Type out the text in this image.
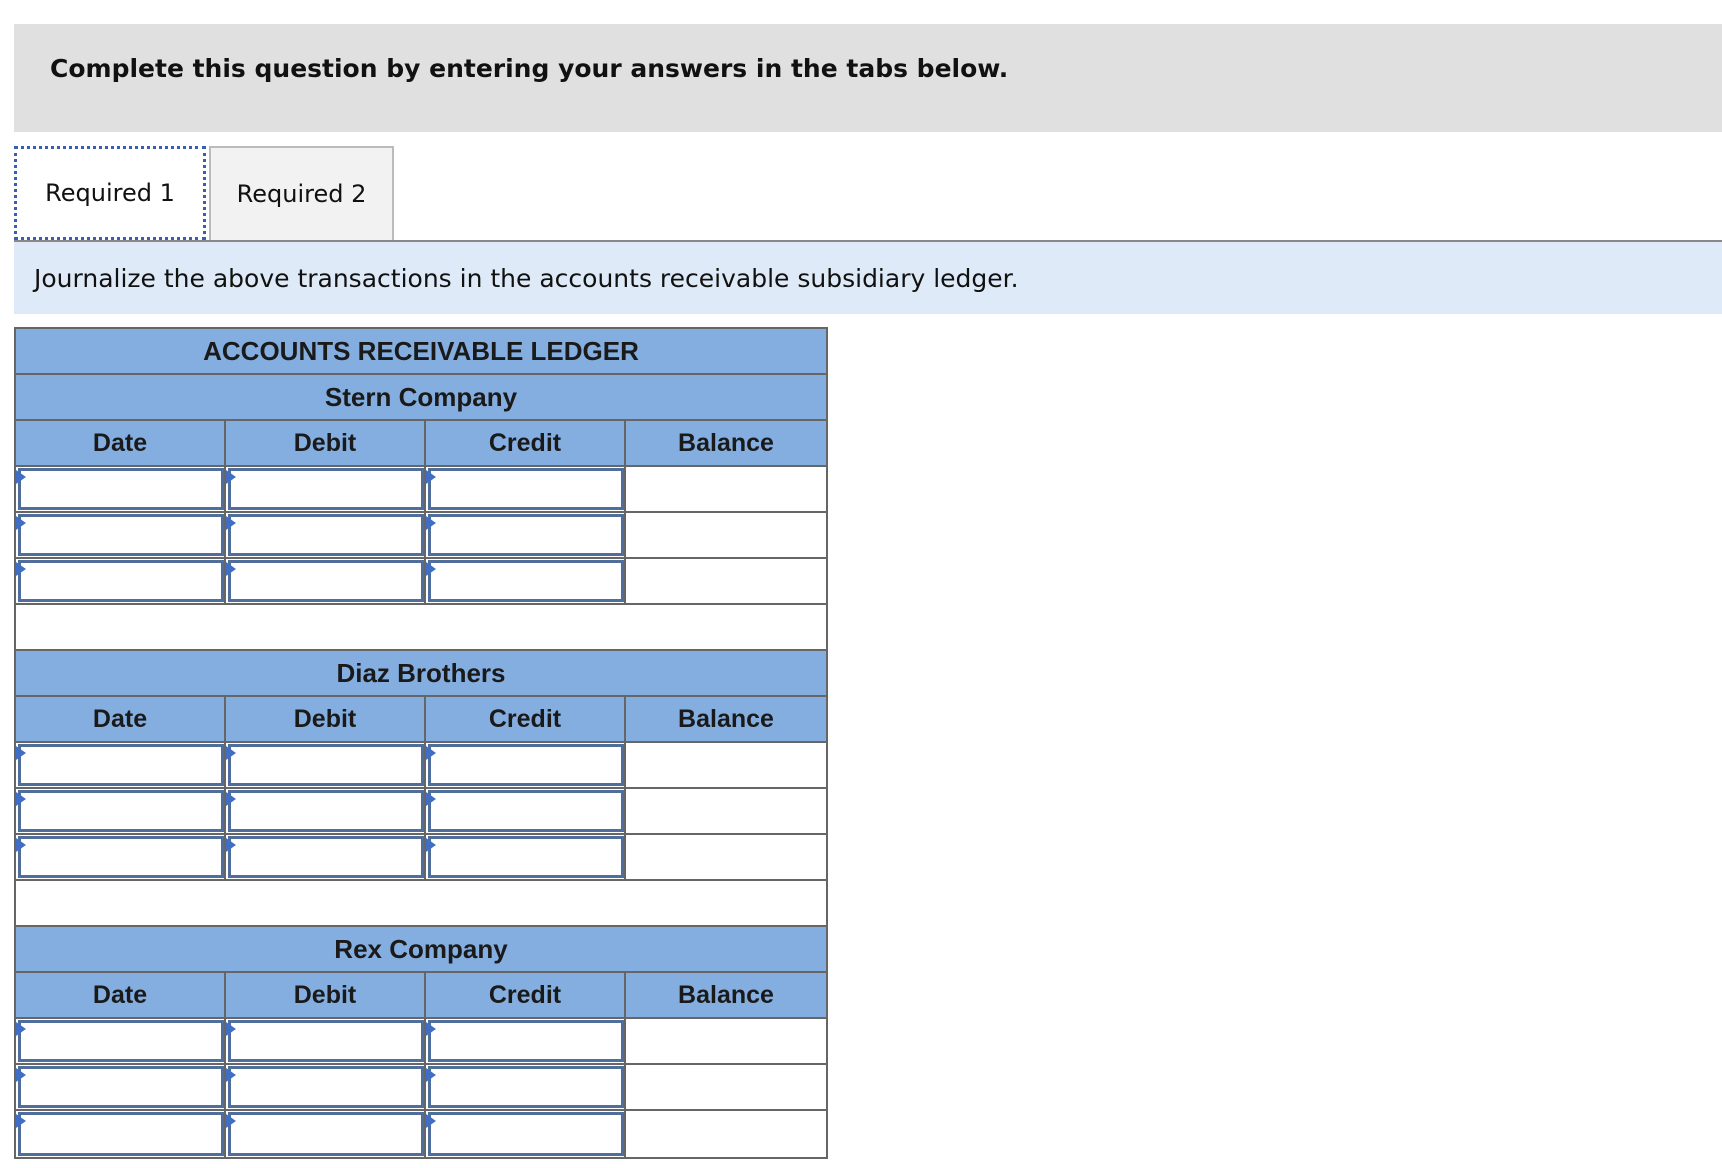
Complete this question by entering your answers in the tabs below.
Required 1	Required 2
Journalize the above transactions in the accounts receivable subsidiary ledger.
ACCOUNTS RECEIVABLE LEDGER
Stern Company
Date	Debit	Credit	Balance
Diaz Brothers
Date	Debit	Credit	Balance
Rex Company
Date	Debit	Credit	Balance
